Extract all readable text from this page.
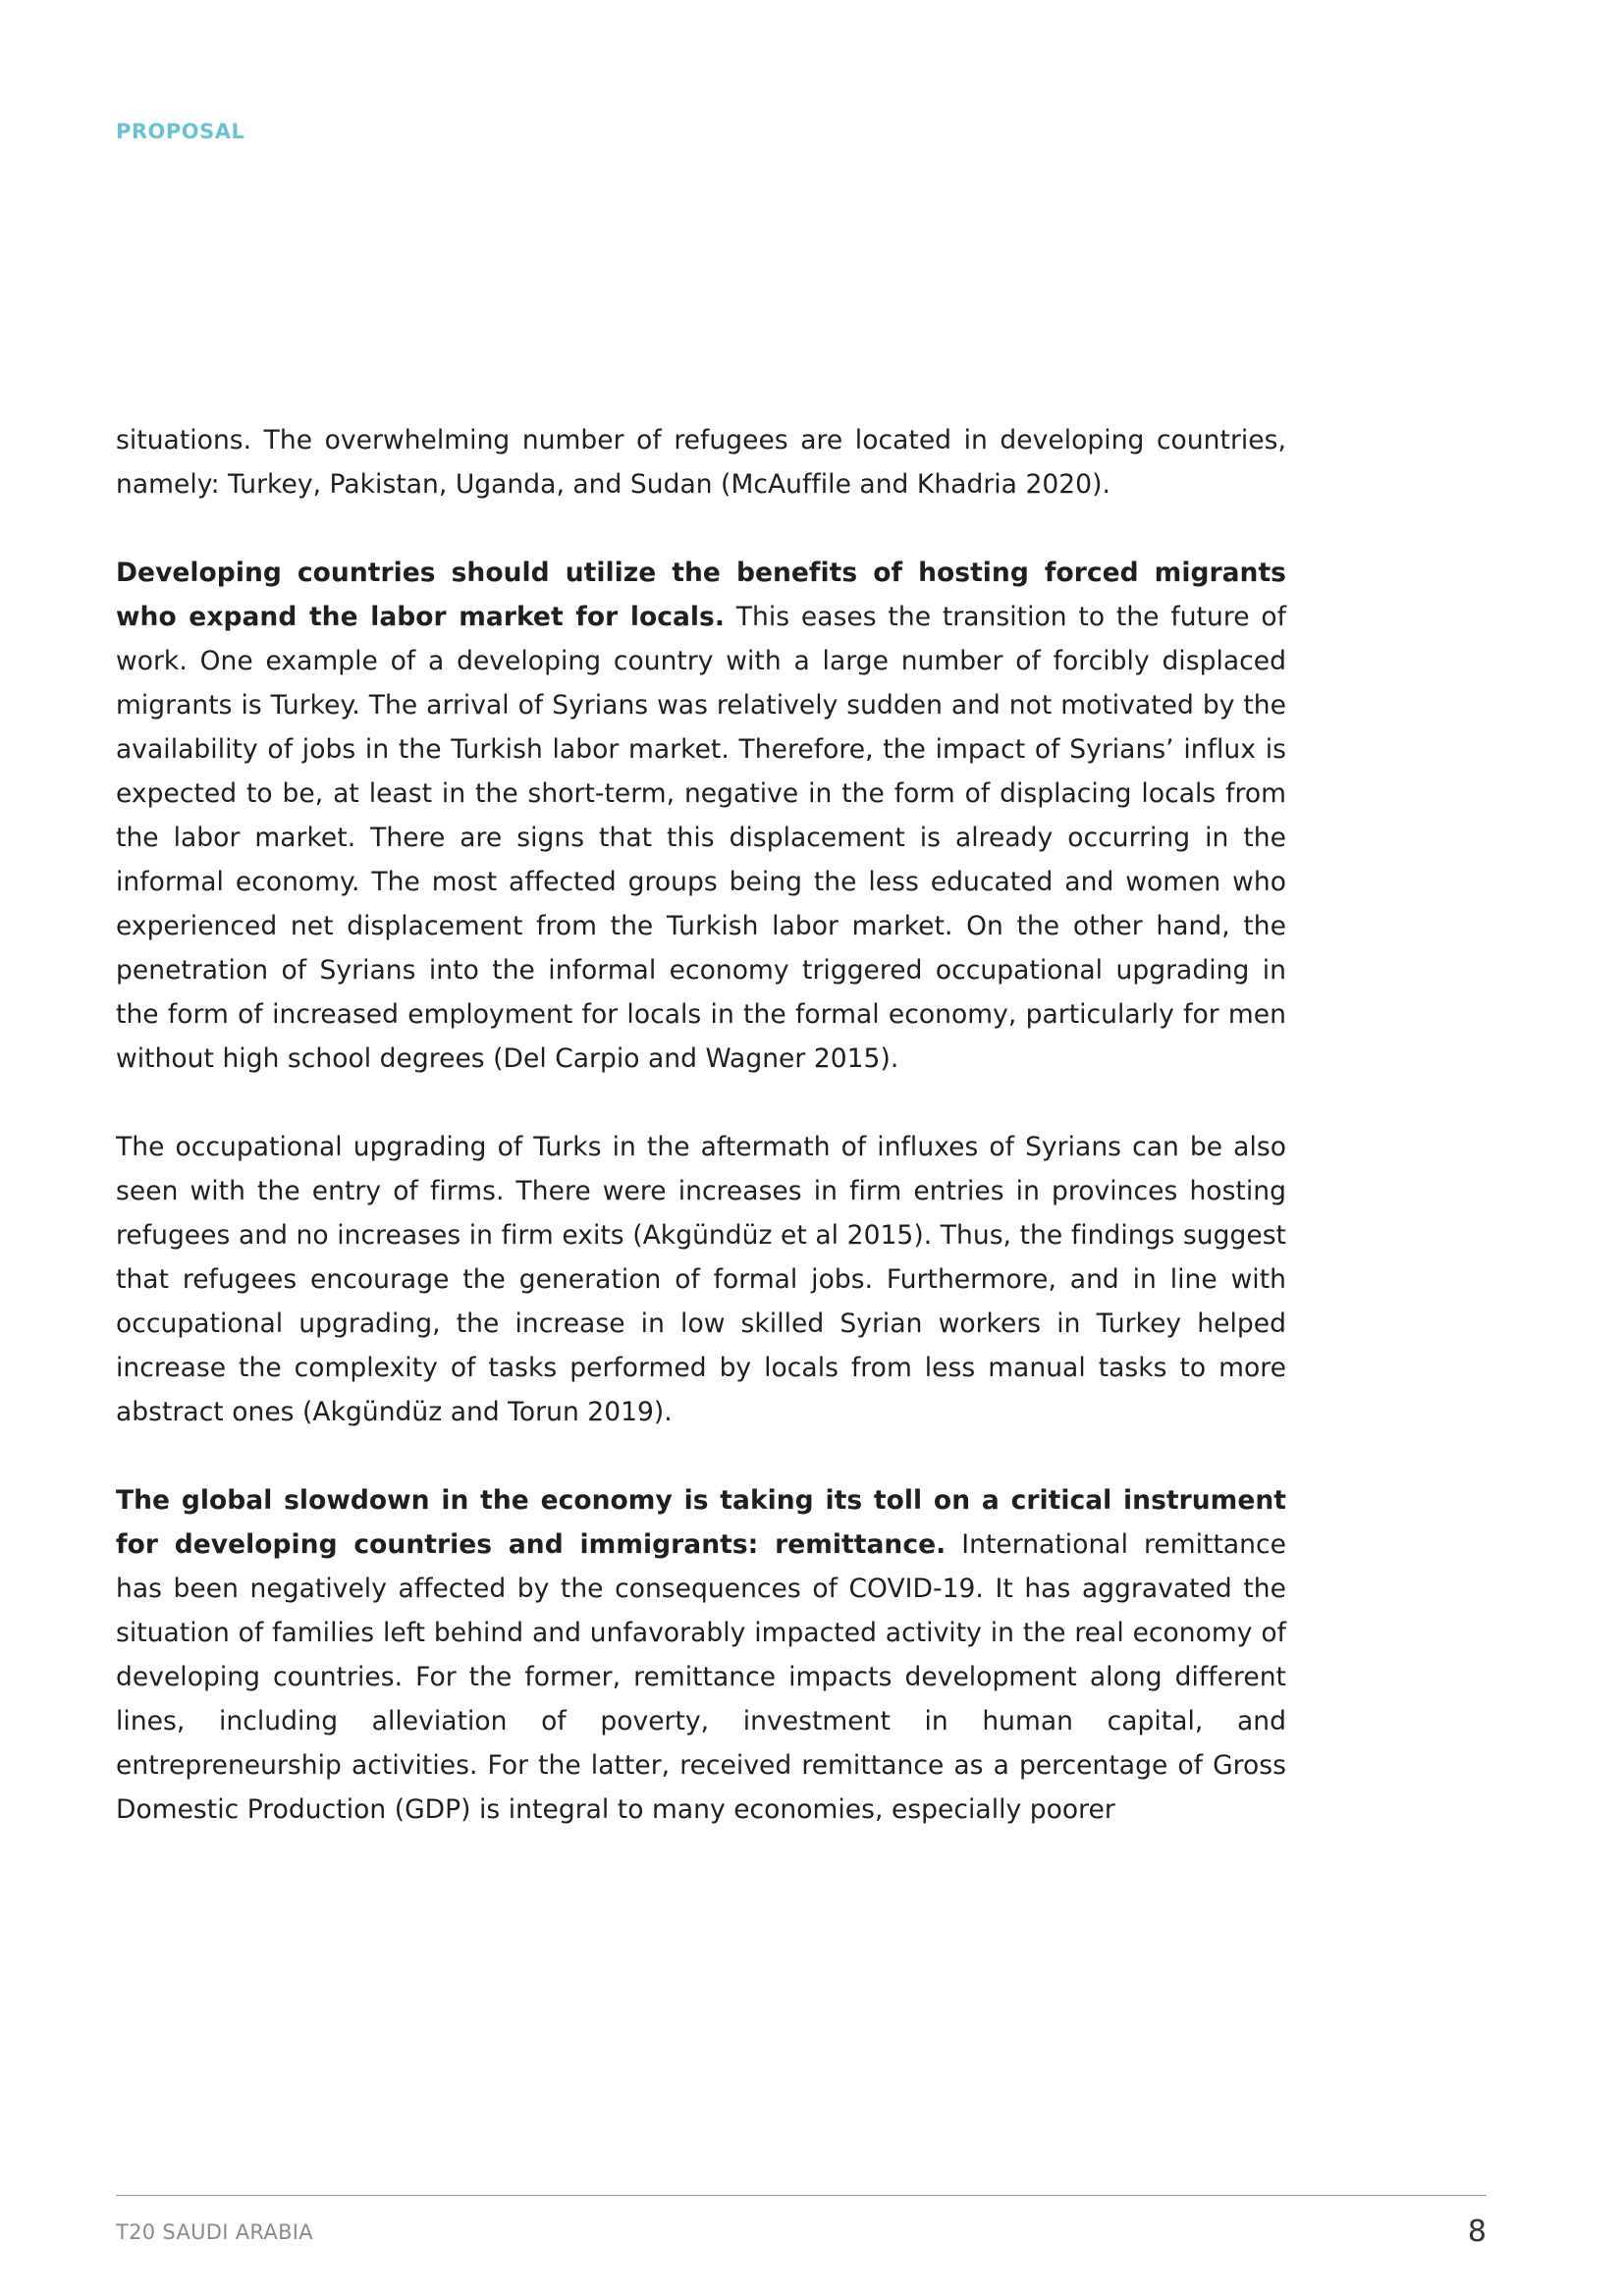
PROPOSAL

situations. The overwhelming number of refugees are located in developing countries, namely: Turkey, Pakistan, Uganda, and Sudan (McAuffile and Khadria 2020).

Developing countries should utilize the benefits of hosting forced migrants who expand the labor market for locals. This eases the transition to the future of work. One example of a developing country with a large number of forcibly displaced migrants is Turkey. The arrival of Syrians was relatively sudden and not motivated by the availability of jobs in the Turkish labor market. Therefore, the impact of Syrians’ influx is expected to be, at least in the short-term, negative in the form of displacing locals from the labor market. There are signs that this displacement is already occurring in the informal economy. The most affected groups being the less educated and women who experienced net displacement from the Turkish labor market. On the other hand, the penetration of Syrians into the informal economy triggered occupational upgrading in the form of increased employment for locals in the formal economy, particularly for men without high school degrees (Del Carpio and Wagner 2015).

The occupational upgrading of Turks in the aftermath of influxes of Syrians can be also seen with the entry of firms. There were increases in firm entries in provinces hosting refugees and no increases in firm exits (Akgündüz et al 2015). Thus, the findings suggest that refugees encourage the generation of formal jobs. Furthermore, and in line with occupational upgrading, the increase in low skilled Syrian workers in Turkey helped increase the complexity of tasks performed by locals from less manual tasks to more abstract ones (Akgündüz and Torun 2019).

The global slowdown in the economy is taking its toll on a critical instrument for developing countries and immigrants: remittance. International remittance has been negatively affected by the consequences of COVID-19. It has aggravated the situation of families left behind and unfavorably impacted activity in the real economy of developing countries. For the former, remittance impacts development along different lines, including alleviation of poverty, investment in human capital, and entrepreneurship activities. For the latter, received remittance as a percentage of Gross Domestic Production (GDP) is integral to many economies, especially poorer

T20 SAUDI ARABIA	8
